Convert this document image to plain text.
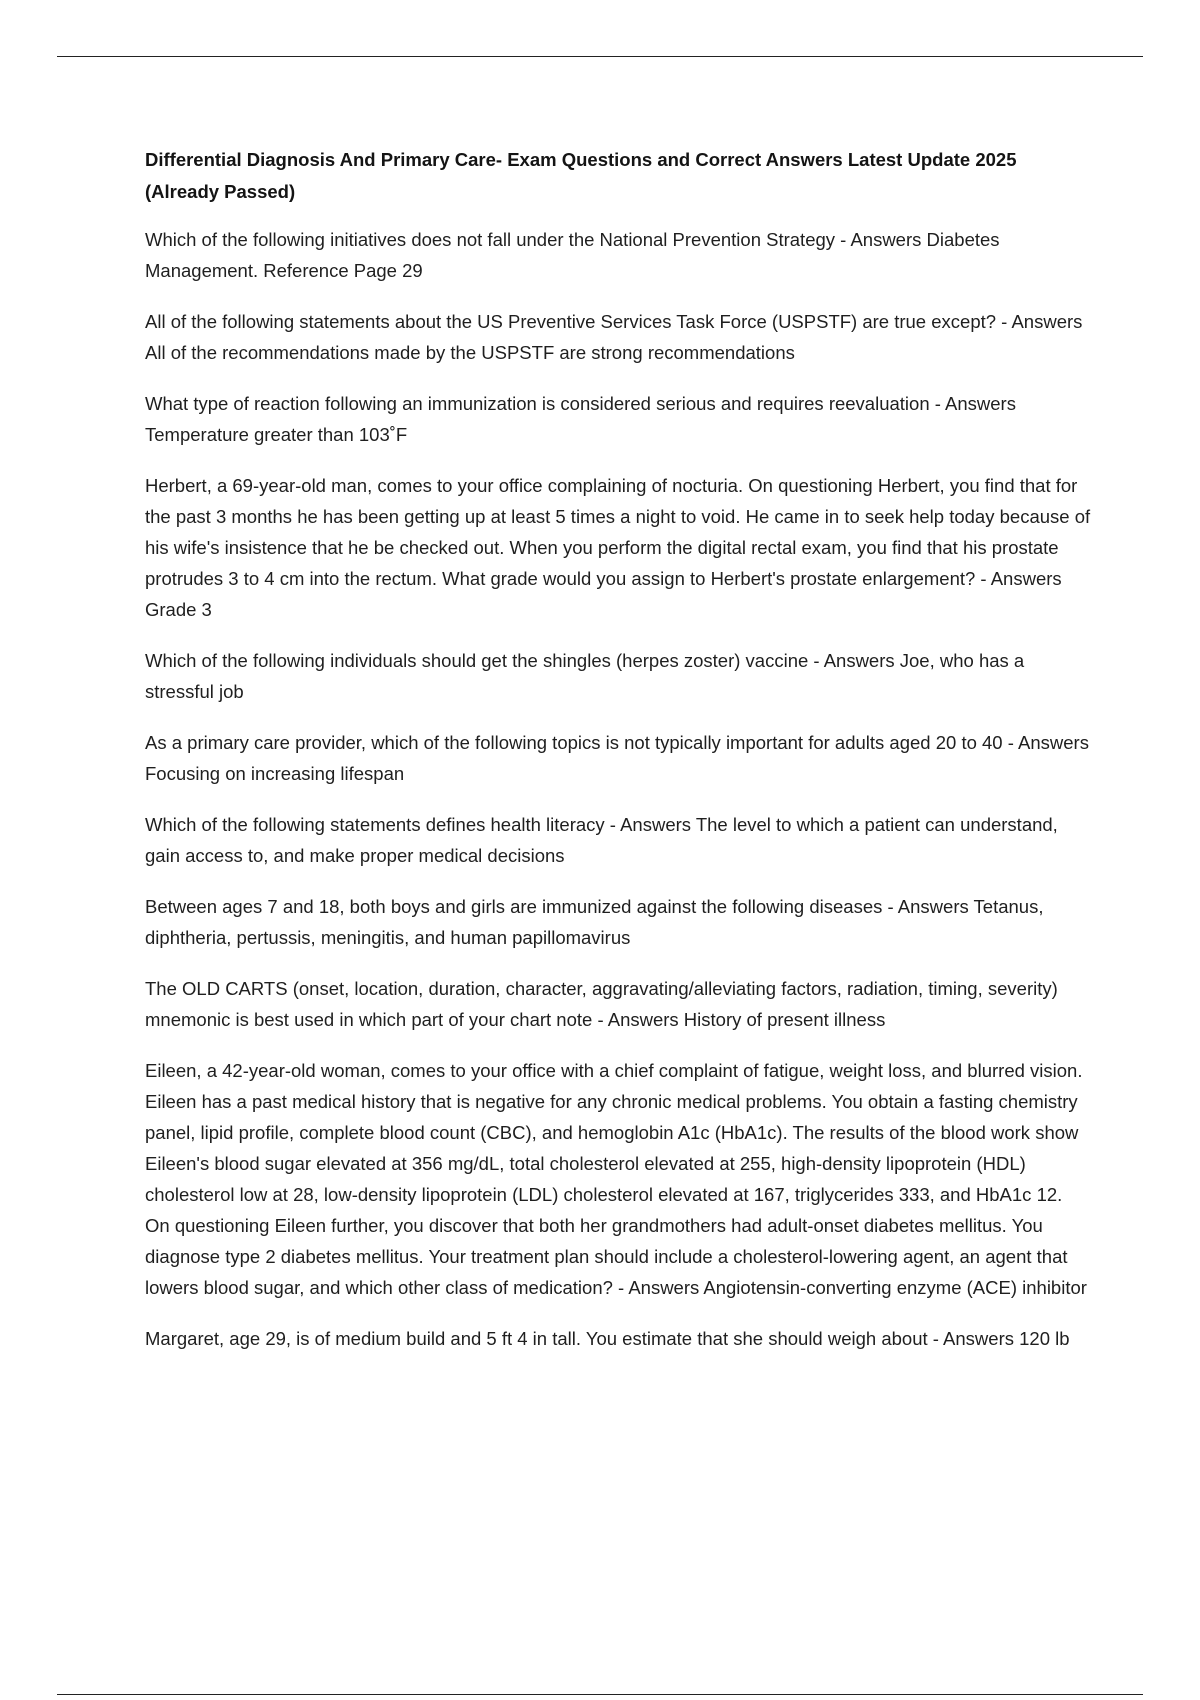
Differential Diagnosis And Primary Care- Exam Questions and Correct Answers Latest Update 2025 (Already Passed)

Which of the following initiatives does not fall under the National Prevention Strategy - Answers Diabetes Management. Reference Page 29

All of the following statements about the US Preventive Services Task Force (USPSTF) are true except? - Answers All of the recommendations made by the USPSTF are strong recommendations

What type of reaction following an immunization is considered serious and requires reevaluation - Answers Temperature greater than 103˚F

Herbert, a 69-year-old man, comes to your office complaining of nocturia. On questioning Herbert, you find that for the past 3 months he has been getting up at least 5 times a night to void. He came in to seek help today because of his wife's insistence that he be checked out. When you perform the digital rectal exam, you find that his prostate protrudes 3 to 4 cm into the rectum. What grade would you assign to Herbert's prostate enlargement? - Answers Grade 3

Which of the following individuals should get the shingles (herpes zoster) vaccine - Answers Joe, who has a stressful job

As a primary care provider, which of the following topics is not typically important for adults aged 20 to 40 - Answers Focusing on increasing lifespan

Which of the following statements defines health literacy - Answers The level to which a patient can understand, gain access to, and make proper medical decisions

Between ages 7 and 18, both boys and girls are immunized against the following diseases - Answers Tetanus, diphtheria, pertussis, meningitis, and human papillomavirus

The OLD CARTS (onset, location, duration, character, aggravating/alleviating factors, radiation, timing, severity) mnemonic is best used in which part of your chart note - Answers History of present illness

Eileen, a 42-year-old woman, comes to your office with a chief complaint of fatigue, weight loss, and blurred vision. Eileen has a past medical history that is negative for any chronic medical problems. You obtain a fasting chemistry panel, lipid profile, complete blood count (CBC), and hemoglobin A1c (HbA1c). The results of the blood work show Eileen's blood sugar elevated at 356 mg/dL, total cholesterol elevated at 255, high-density lipoprotein (HDL) cholesterol low at 28, low-density lipoprotein (LDL) cholesterol elevated at 167, triglycerides 333, and HbA1c 12. On questioning Eileen further, you discover that both her grandmothers had adult-onset diabetes mellitus. You diagnose type 2 diabetes mellitus. Your treatment plan should include a cholesterol-lowering agent, an agent that lowers blood sugar, and which other class of medication? - Answers Angiotensin-converting enzyme (ACE) inhibitor

Margaret, age 29, is of medium build and 5 ft 4 in tall. You estimate that she should weigh about - Answers 120 lb
